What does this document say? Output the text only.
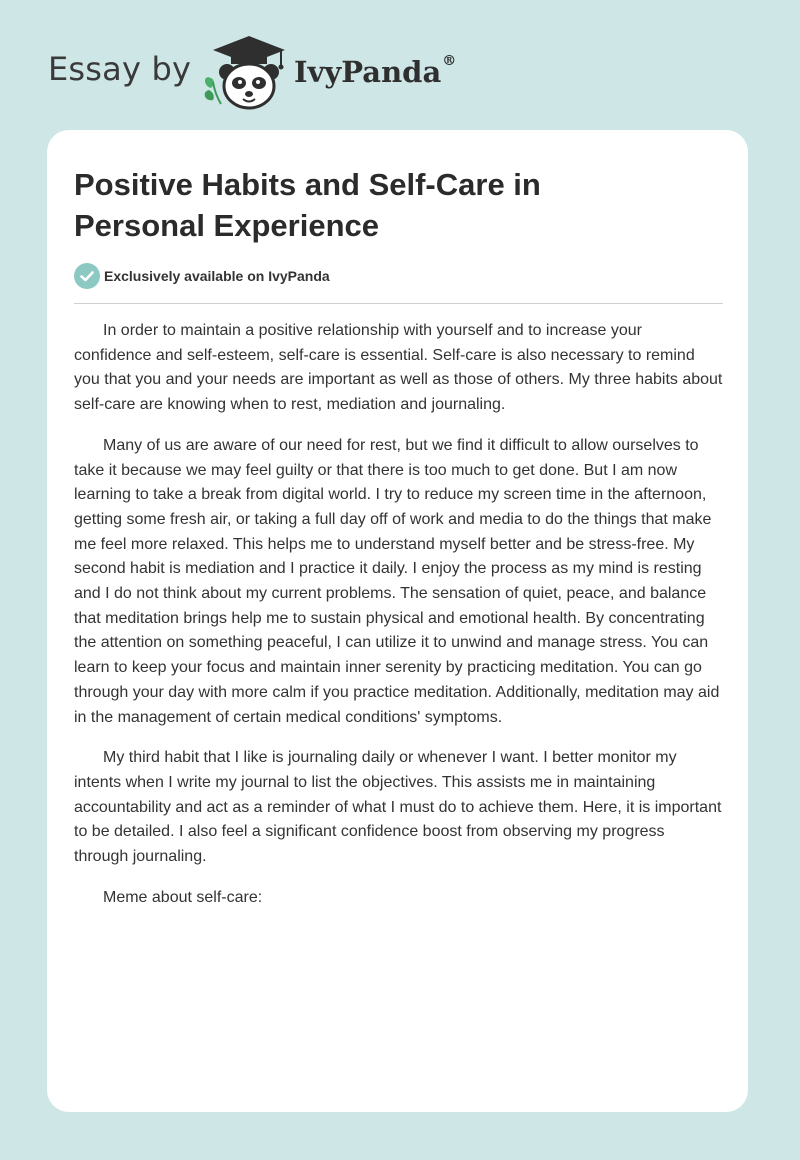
Essay by	IvyPanda®
Positive Habits and Self-Care in Personal Experience
Exclusively available on IvyPanda

In order to maintain a positive relationship with yourself and to increase your confidence and self-esteem, self-care is essential. Self-care is also necessary to remind you that you and your needs are important as well as those of others. My three habits about self-care are knowing when to rest, mediation and journaling.

Many of us are aware of our need for rest, but we find it difficult to allow ourselves to take it because we may feel guilty or that there is too much to get done. But I am now learning to take a break from digital world. I try to reduce my screen time in the afternoon, getting some fresh air, or taking a full day off of work and media to do the things that make me feel more relaxed. This helps me to understand myself better and be stress-free. My second habit is mediation and I practice it daily. I enjoy the process as my mind is resting and I do not think about my current problems. The sensation of quiet, peace, and balance that meditation brings help me to sustain physical and emotional health. By concentrating the attention on something peaceful, I can utilize it to unwind and manage stress. You can learn to keep your focus and maintain inner serenity by practicing meditation. You can go through your day with more calm if you practice meditation. Additionally, meditation may aid in the management of certain medical conditions' symptoms.

My third habit that I like is journaling daily or whenever I want. I better monitor my intents when I write my journal to list the objectives. This assists me in maintaining accountability and act as a reminder of what I must do to achieve them. Here, it is important to be detailed. I also feel a significant confidence boost from observing my progress through journaling.

Meme about self-care:
